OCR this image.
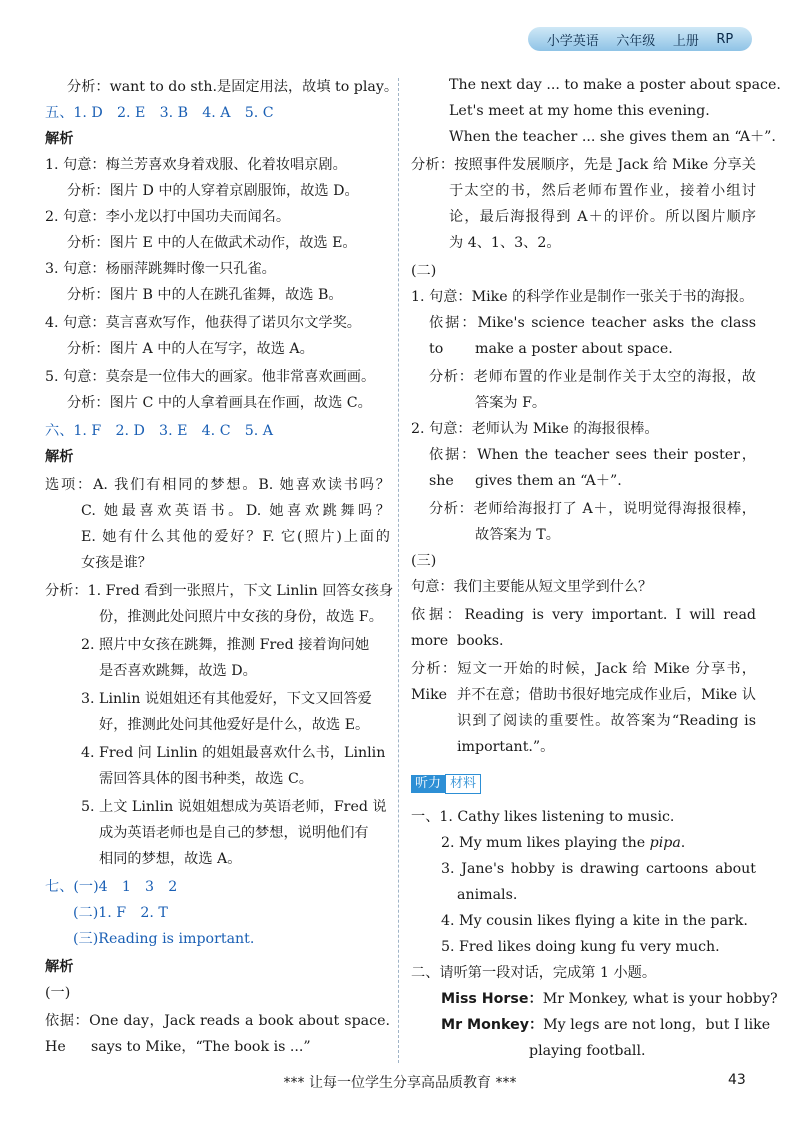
小学英语 六年级 上册 RP
分析：want to do sth.是固定用法，故填 to play。
五、1. D　2. E　3. B　4. A　5. C
解析
1. 句意：梅兰芳喜欢身着戏服、化着妆唱京剧。
分析：图片 D 中的人穿着京剧服饰，故选 D。
2. 句意：李小龙以打中国功夫而闻名。
分析：图片 E 中的人在做武术动作，故选 E。
3. 句意：杨丽萍跳舞时像一只孔雀。
分析：图片 B 中的人在跳孔雀舞，故选 B。
4. 句意：莫言喜欢写作，他获得了诺贝尔文学奖。
分析：图片 A 中的人在写字，故选 A。
5. 句意：莫奈是一位伟大的画家。他非常喜欢画画。
分析：图片 C 中的人拿着画具在作画，故选 C。
六、1. F　2. D　3. E　4. C　5. A
解析
选项：A. 我们有相同的梦想。B. 她喜欢读书吗？
C. 她最喜欢英语书。D. 她喜欢跳舞吗？
E. 她有什么其他的爱好？F. 它(照片)上面的
女孩是谁？
分析：1. Fred 看到一张照片，下文 Linlin 回答女孩身
份，推测此处问照片中女孩的身份，故选 F。
2. 照片中女孩在跳舞，推测 Fred 接着询问她
是否喜欢跳舞，故选 D。
3. Linlin 说姐姐还有其他爱好，下文又回答爱
好，推测此处问其他爱好是什么，故选 E。
4. Fred 问 Linlin 的姐姐最喜欢什么书，Linlin
需回答具体的图书种类，故选 C。
5. 上文 Linlin 说姐姐想成为英语老师，Fred 说
成为英语老师也是自己的梦想，说明他们有
相同的梦想，故选 A。
七、(一)4　1　3　2
(二)1. F　2. T
(三)Reading is important.
解析
(一)
依据：One day，Jack reads a book about space. He	says to Mike，“The book is ...”
The next day ... to make a poster about space.
Let's meet at my home this evening.
When the teacher ... she gives them an “A＋”.
分析：按照事件发展顺序，先是 Jack 给 Mike 分享关
于太空的书，然后老师布置作业，接着小组讨
论，最后海报得到 A＋的评价。所以图片顺序
为 4、1、3、2。
(二)
1. 句意：Mike 的科学作业是制作一张关于书的海报。
依据：Mike's science teacher asks the class to	make a poster about space.
分析：老师布置的作业是制作关于太空的海报，故
答案为 F。
2. 句意：老师认为 Mike 的海报很棒。
依据：When the teacher sees their poster，she	gives them an “A＋”.
分析：老师给海报打了 A＋，说明觉得海报很棒，
故答案为 T。
(三)
句意：我们主要能从短文里学到什么？
依据：Reading is very important. I will read more books.
分析：短文一开始的时候，Jack 给 Mike 分享书，Mike 并不在意；借助书很好地完成作业后，Mike 认
识到了阅读的重要性。故答案为“Reading is
important.”。
听力 材料
一、1. Cathy likes listening to music.
2. My mum likes playing the pipa.
3. Jane's hobby is drawing cartoons about
animals.
4. My cousin likes flying a kite in the park.
5. Fred likes doing kung fu very much.
二、请听第一段对话，完成第 1 小题。
Miss Horse：Mr Monkey, what is your hobby?
Mr Monkey：My legs are not long，but I like
playing football.
*** 让每一位学生分享高品质教育 ***	43
